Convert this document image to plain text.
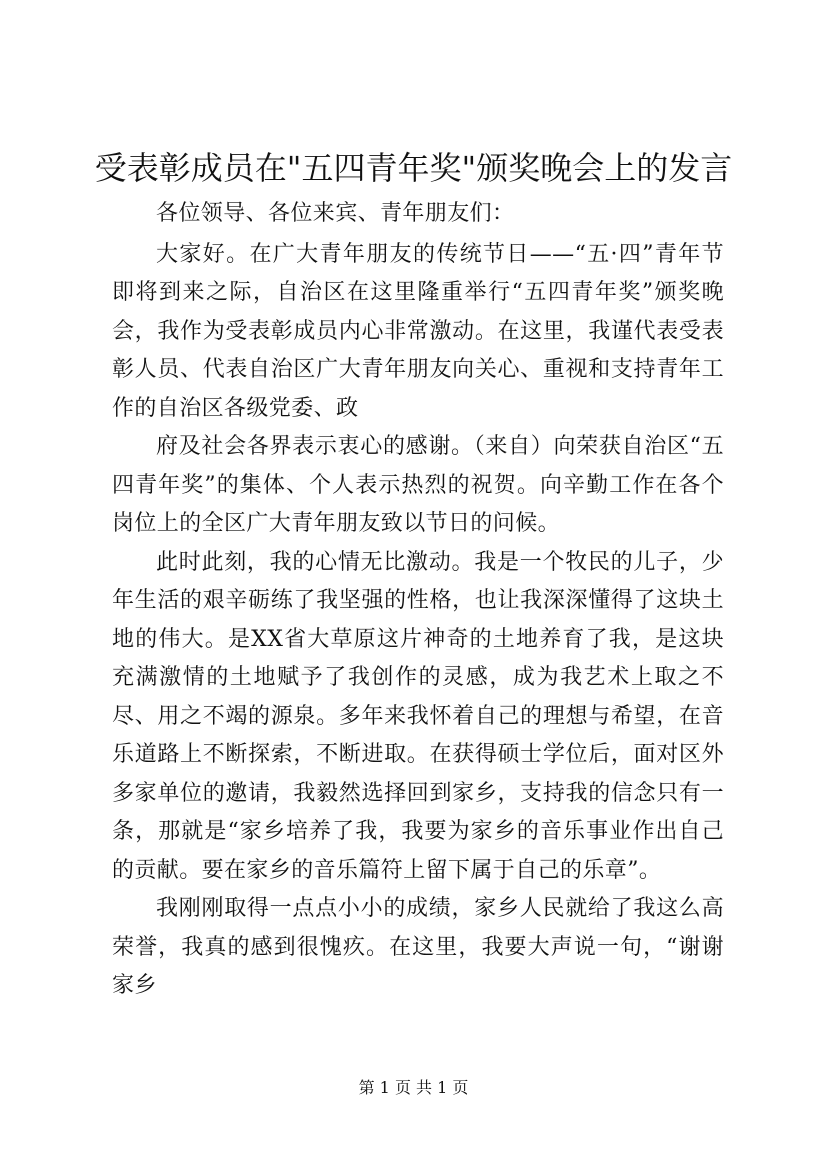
受表彰成员在"五四青年奖"颁奖晚会上的发言

各位领导、各位来宾、青年朋友们：

大家好。在广大青年朋友的传统节日——“五·四”青年节即将到来之际，自治区在这里隆重举行“五四青年奖”颁奖晚会，我作为受表彰成员内心非常激动。在这里，我谨代表受表彰人员、代表自治区广大青年朋友向关心、重视和支持青年工作的自治区各级党委、政

府及社会各界表示衷心的感谢。（来自）向荣获自治区“五四青年奖”的集体、个人表示热烈的祝贺。向辛勤工作在各个岗位上的全区广大青年朋友致以节日的问候。

此时此刻，我的心情无比激动。我是一个牧民的儿子，少年生活的艰辛砺练了我坚强的性格，也让我深深懂得了这块土地的伟大。是XX省大草原这片神奇的土地养育了我，是这块充满激情的土地赋予了我创作的灵感，成为我艺术上取之不尽、用之不竭的源泉。多年来我怀着自己的理想与希望，在音乐道路上不断探索，不断进取。在获得硕士学位后，面对区外多家单位的邀请，我毅然选择回到家乡，支持我的信念只有一条，那就是“家乡培养了我，我要为家乡的音乐事业作出自己的贡献。要在家乡的音乐篇符上留下属于自己的乐章”。

我刚刚取得一点点小小的成绩，家乡人民就给了我这么高荣誉，我真的感到很愧疚。在这里，我要大声说一句，“谢谢家乡

第 1 页 共 1 页
